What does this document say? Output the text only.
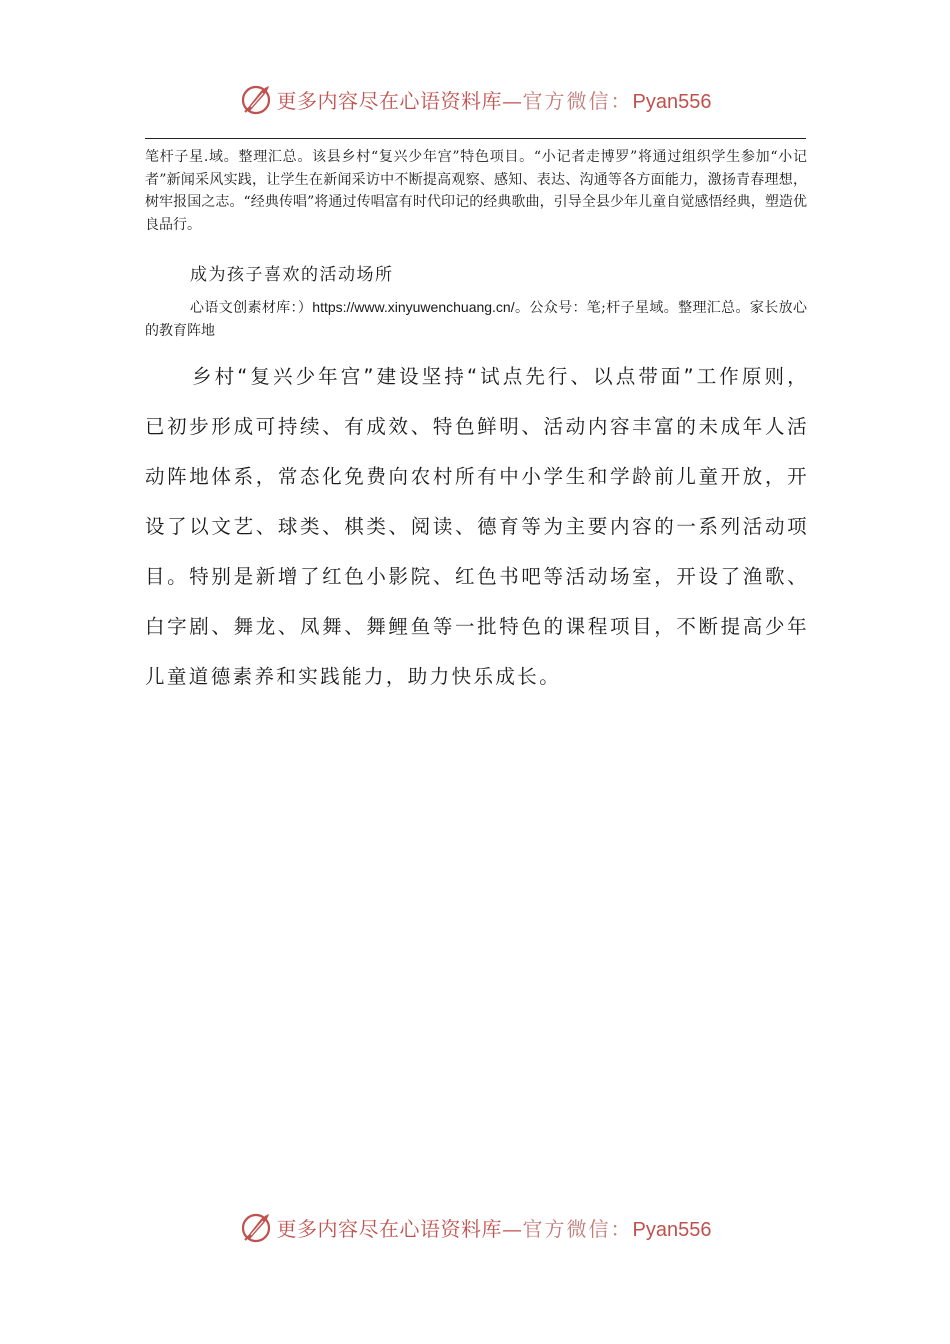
更多内容尽在心语资料库—官方微信：Pyan556

笔杆子星.域。整理汇总。该县乡村“复兴少年宫”特色项目。“小记者走博罗”将通过组织学生参加“小记者”新闻采风实践，让学生在新闻采访中不断提高观察、感知、表达、沟通等各方面能力，激扬青春理想，树牢报国之志。“经典传唱”将通过传唱富有时代印记的经典歌曲，引导全县少年儿童自觉感悟经典，塑造优良品行。

成为孩子喜欢的活动场所

心语文创素材库：）https://www.xinyuwenchuang.cn/。公众号：笔;杆子星域。整理汇总。家长放心的教育阵地

乡村“复兴少年宫”建设坚持“试点先行、以点带面”工作原则，已初步形成可持续、有成效、特色鲜明、活动内容丰富的未成年人活动阵地体系，常态化免费向农村所有中小学生和学龄前儿童开放，开设了以文艺、球类、棋类、阅读、德育等为主要内容的一系列活动项目。特别是新增了红色小影院、红色书吧等活动场室，开设了渔歌、白字剧、舞龙、凤舞、舞鲤鱼等一批特色的课程项目，不断提高少年儿童道德素养和实践能力，助力快乐成长。

更多内容尽在心语资料库—官方微信：Pyan556
